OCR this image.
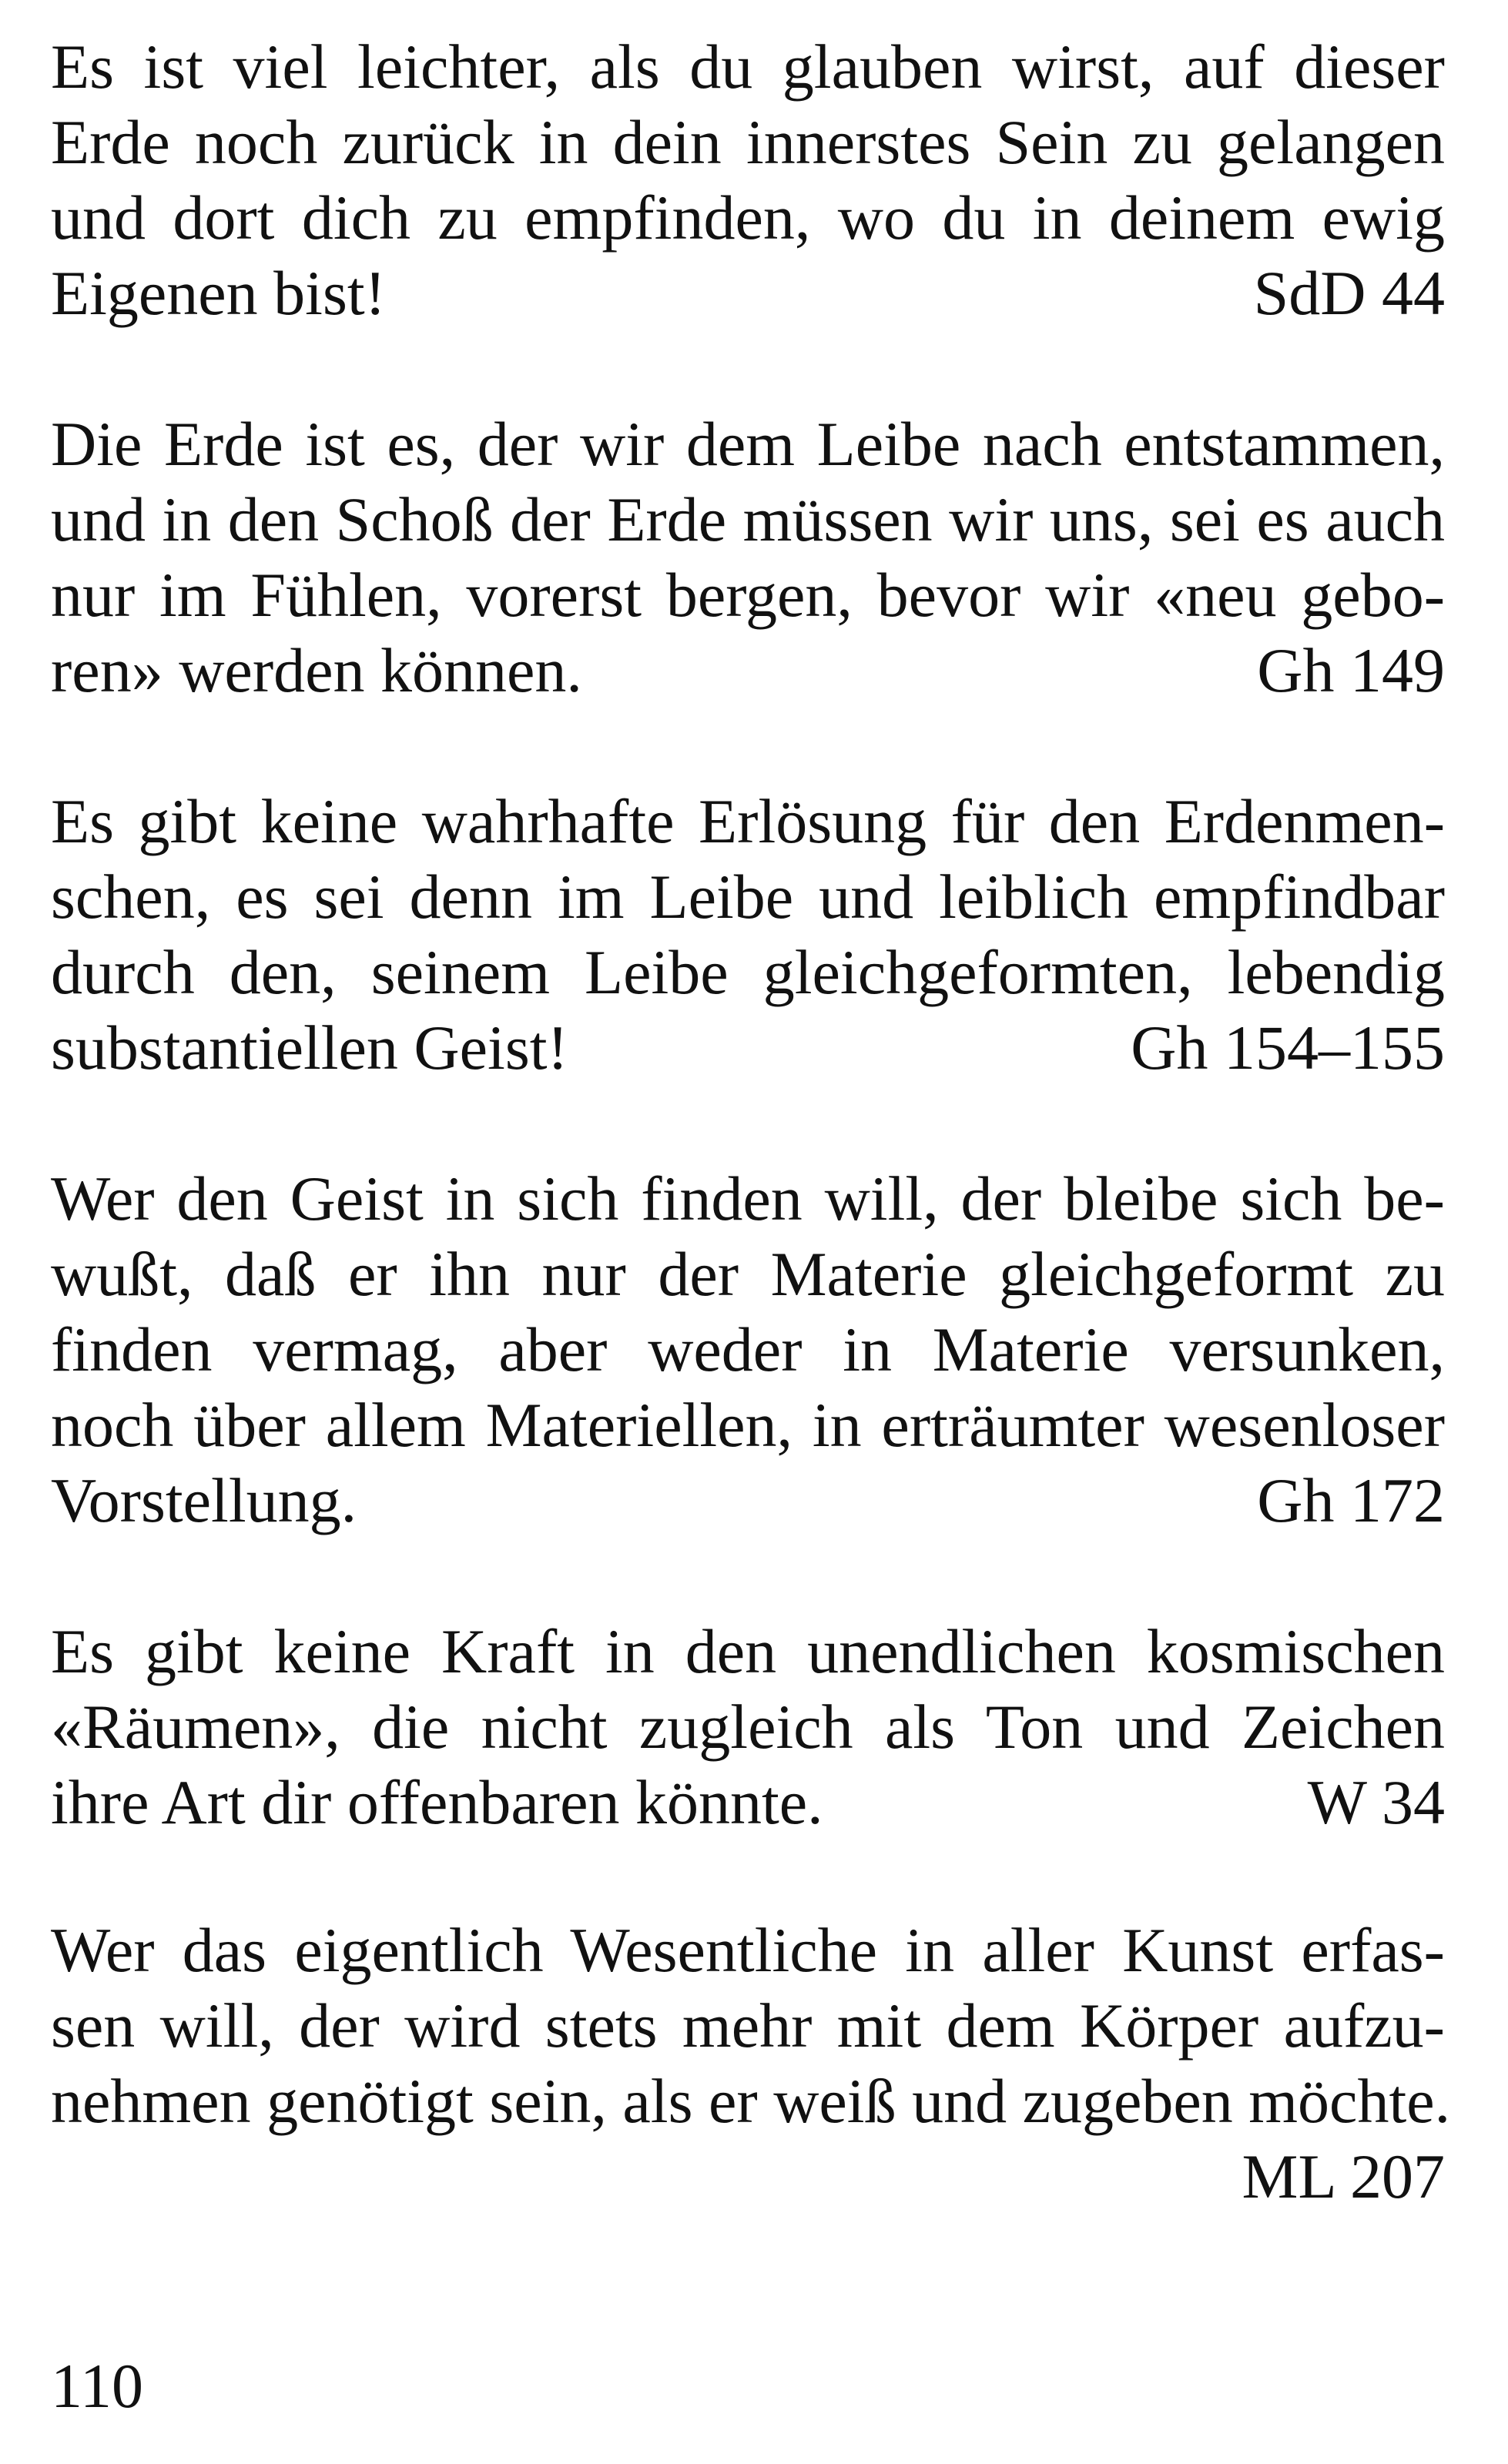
Es ist viel leichter, als du glauben wirst, auf dieser
Erde noch zurück in dein innerstes Sein zu gelangen
und dort dich zu empfinden, wo du in deinem ewig
Eigenen bist!	SdD 44
Die Erde ist es, der wir dem Leibe nach entstammen,
und in den Schoß der Erde müssen wir uns, sei es auch
nur im Fühlen, vorerst bergen, bevor wir «neu gebo-
ren» werden können.	Gh 149
Es gibt keine wahrhafte Erlösung für den Erdenmen-
schen, es sei denn im Leibe und leiblich empfindbar
durch den, seinem Leibe gleichgeformten, lebendig
substantiellen Geist!	Gh 154–155
Wer den Geist in sich finden will, der bleibe sich be-
wußt, daß er ihn nur der Materie gleichgeformt zu
finden vermag, aber weder in Materie versunken,
noch über allem Materiellen, in erträumter wesenloser
Vorstellung.	Gh 172
Es gibt keine Kraft in den unendlichen kosmischen
«Räumen», die nicht zugleich als Ton und Zeichen
ihre Art dir offenbaren könnte.	W 34
Wer das eigentlich Wesentliche in aller Kunst erfas-
sen will, der wird stets mehr mit dem Körper aufzu-
nehmen genötigt sein, als er weiß und zugeben möchte.
ML 207
110
